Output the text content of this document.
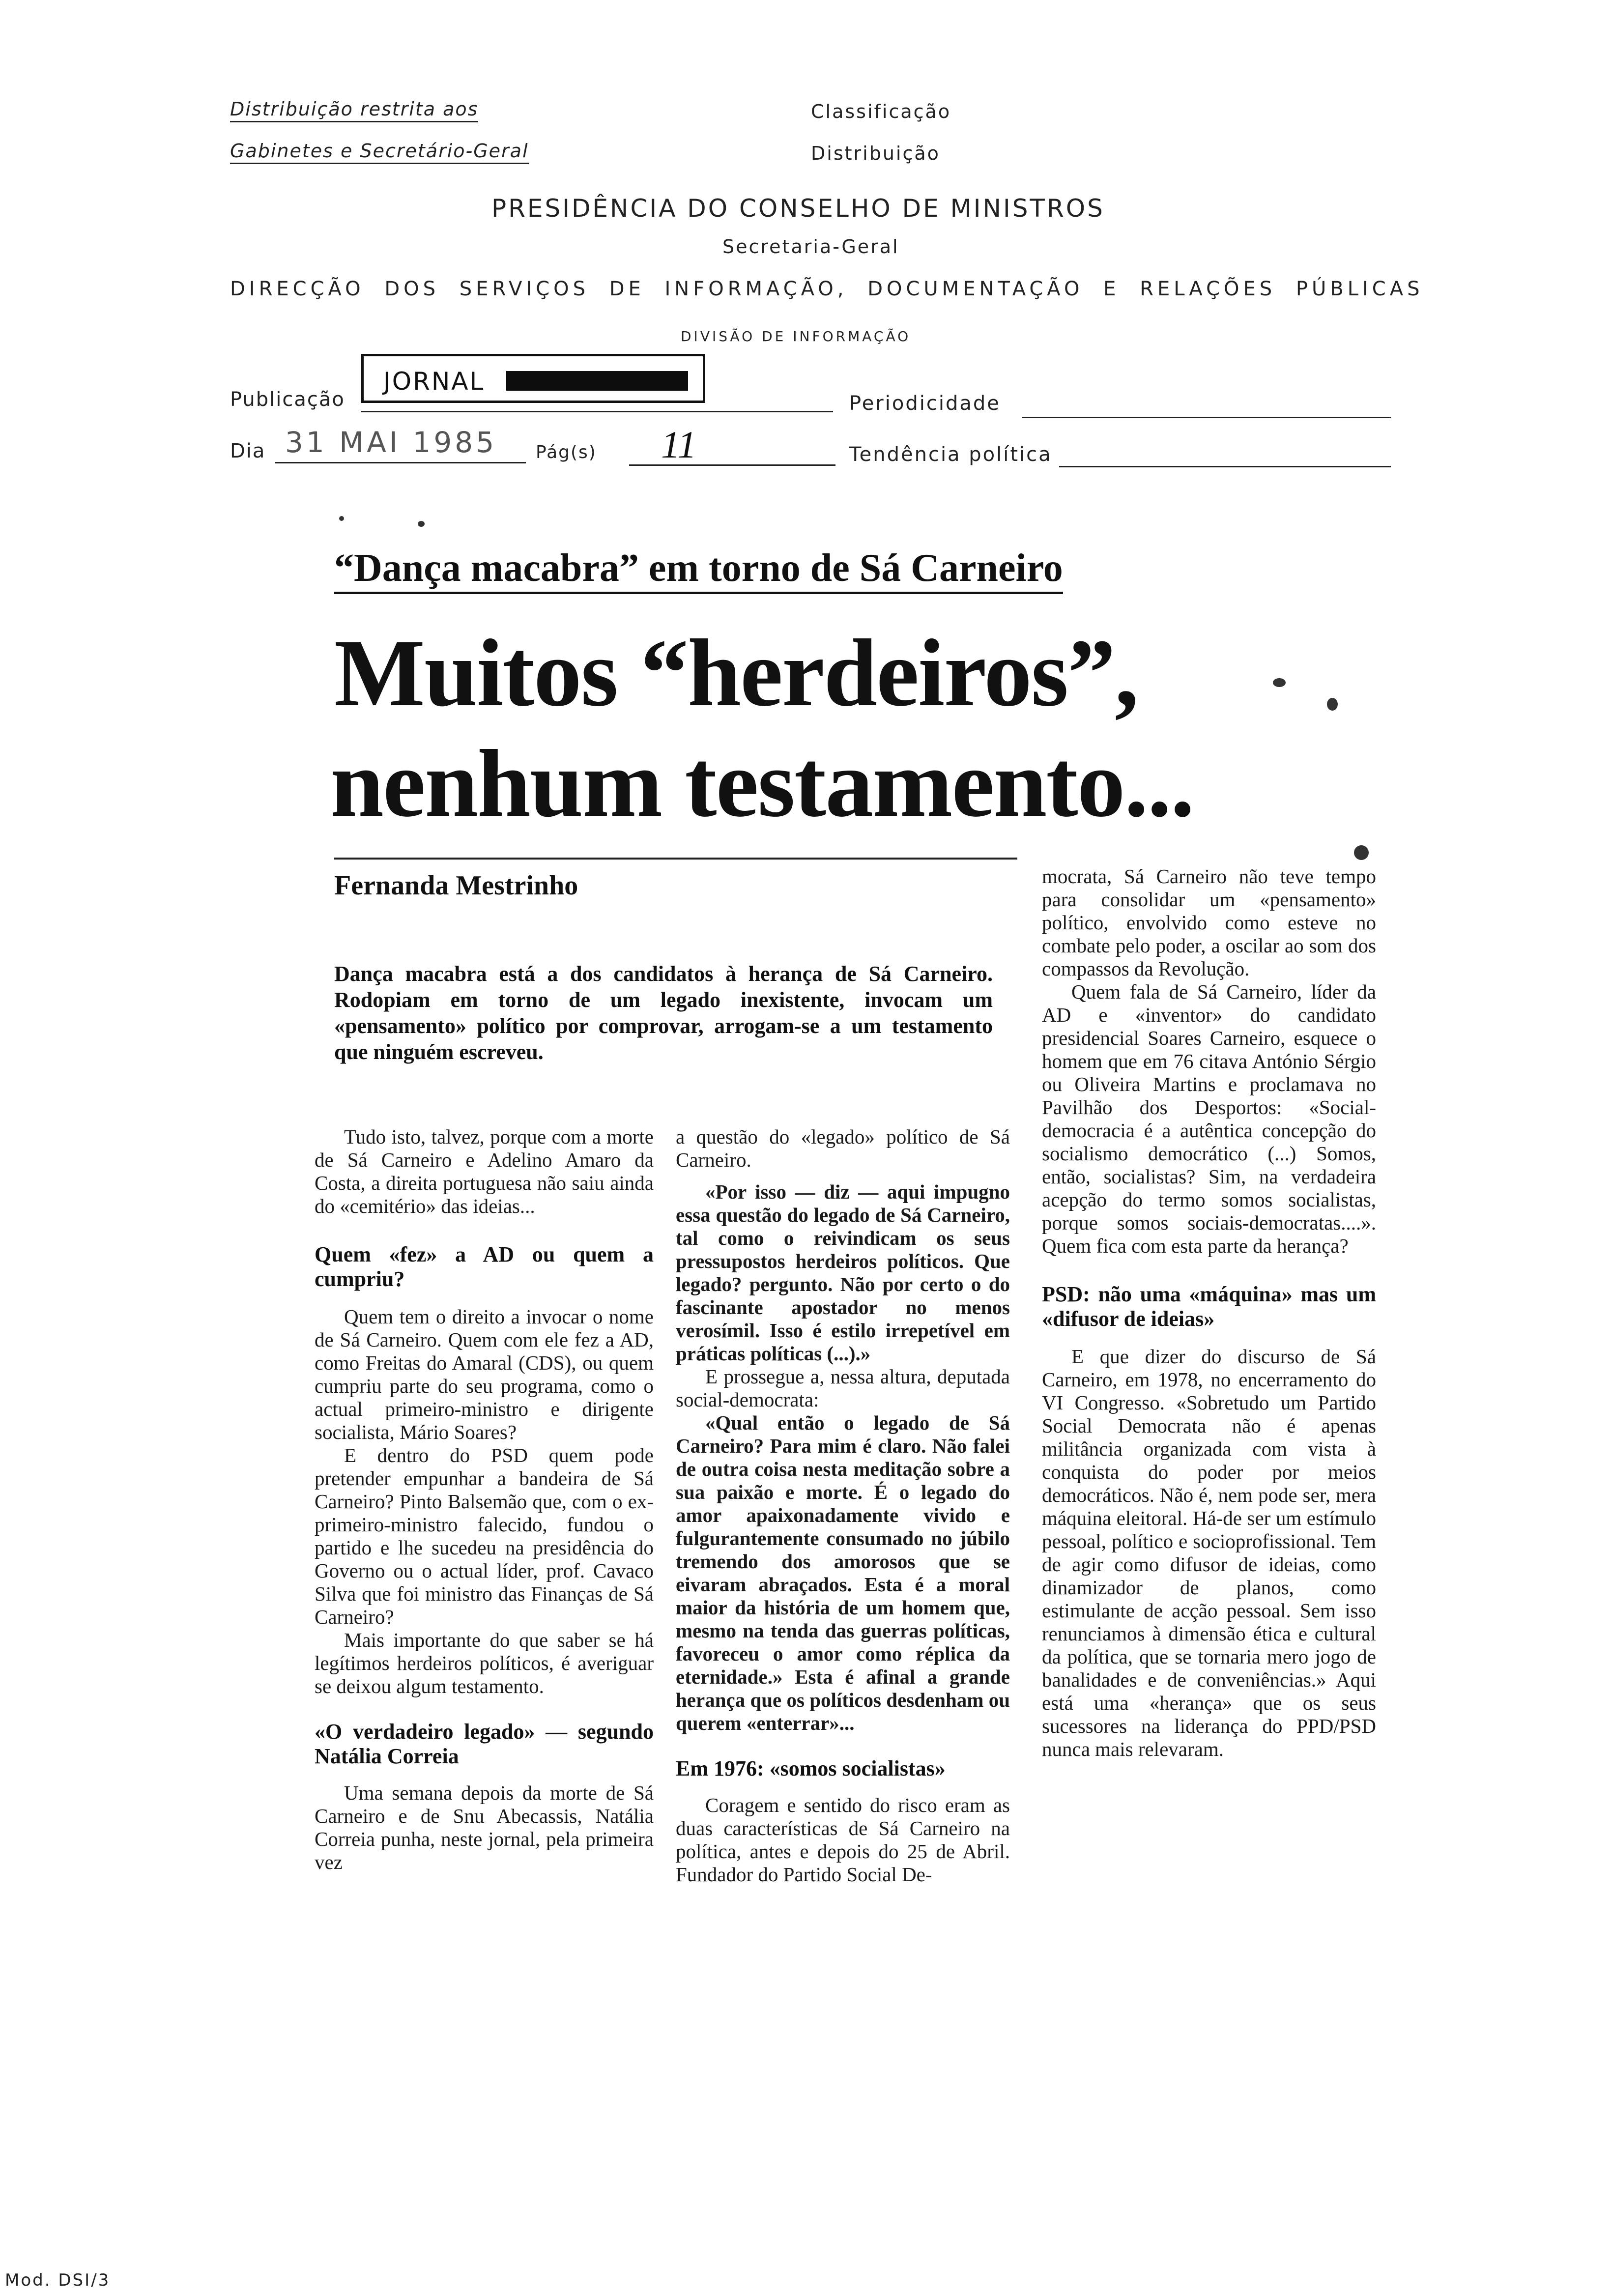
Distribuição restrita aos
Gabinetes e Secretário-Geral
Classificação
Distribuição
PRESIDÊNCIA DO CONSELHO DE MINISTROS
Secretaria-Geral
DIRECÇÃO DOS SERVIÇOS DE INFORMAÇÃO, DOCUMENTAÇÃO E RELAÇÕES PÚBLICAS
DIVISÃO DE INFORMAÇÃO
Publicação
JORNAL
Periodicidade
Dia 31 MAI 1985 Pág(s) 11	Tendência política
“Dança macabra” em torno de Sá Carneiro
Muitos “herdeiros”,
nenhum testamento...
Fernanda Mestrinho
Dança macabra está a dos candidatos à herança de Sá Carneiro. Rodopiam em torno de um legado inexistente, invocam um «pensamento» político por comprovar, arrogam-se a um testamento que ninguém escreveu.

Tudo isto, talvez, porque com a morte de Sá Carneiro e Adelino Amaro da Costa, a direita portuguesa não saiu ainda do «cemitério» das ideias...

Quem «fez» a AD ou quem a cumpriu?

Quem tem o direito a invocar o nome de Sá Carneiro. Quem com ele fez a AD, como Freitas do Amaral (CDS), ou quem cumpriu parte do seu programa, como o actual primeiro-ministro e dirigente socialista, Mário Soares?

E dentro do PSD quem pode pretender empunhar a bandeira de Sá Carneiro? Pinto Balsemão que, com o ex-primeiro-ministro falecido, fundou o partido e lhe sucedeu na presidência do Governo ou o actual líder, prof. Cavaco Silva que foi ministro das Finanças de Sá Carneiro?

Mais importante do que saber se há legítimos herdeiros políticos, é averiguar se deixou algum testamento.

«O verdadeiro legado» — segundo Natália Correia

Uma semana depois da morte de Sá Carneiro e de Snu Abecassis, Natália Correia punha, neste jornal, pela primeira vez

a questão do «legado» político de Sá Carneiro.

«Por isso — diz — aqui impugno essa questão do legado de Sá Carneiro, tal como o reivindicam os seus pressupostos herdeiros políticos. Que legado? pergunto. Não por certo o do fascinante apostador no menos verosímil. Isso é estilo irrepetível em práticas políticas (...).»

E prossegue a, nessa altura, deputada social-democrata:

«Qual então o legado de Sá Carneiro? Para mim é claro. Não falei de outra coisa nesta meditação sobre a sua paixão e morte. É o legado do amor apaixonadamente vivido e fulgurantemente consumado no júbilo tremendo dos amorosos que se eivaram abraçados. Esta é a moral maior da história de um homem que, mesmo na tenda das guerras políticas, favoreceu o amor como réplica da eternidade.» Esta é afinal a grande herança que os políticos desdenham ou querem «enterrar»...

Em 1976: «somos socialistas»

Coragem e sentido do risco eram as duas características de Sá Carneiro na política, antes e depois do 25 de Abril. Fundador do Partido Social De-

mocrata, Sá Carneiro não teve tempo para consolidar um «pensamento» político, envolvido como esteve no combate pelo poder, a oscilar ao som dos compassos da Revolução.

Quem fala de Sá Carneiro, líder da AD e «inventor» do candidato presidencial Soares Carneiro, esquece o homem que em 76 citava António Sérgio ou Oliveira Martins e proclamava no Pavilhão dos Desportos: «Social-democracia é a autêntica concepção do socialismo democrático (...) Somos, então, socialistas? Sim, na verdadeira acepção do termo somos socialistas, porque somos sociais-democratas....». Quem fica com esta parte da herança?

PSD: não uma «máquina» mas um «difusor de ideias»

E que dizer do discurso de Sá Carneiro, em 1978, no encerramento do VI Congresso. «Sobretudo um Partido Social Democrata não é apenas militância organizada com vista à conquista do poder por meios democráticos. Não é, nem pode ser, mera máquina eleitoral. Há-de ser um estímulo pessoal, político e socioprofissional. Tem de agir como difusor de ideias, como dinamizador de planos, como estimulante de acção pessoal. Sem isso renunciamos à dimensão ética e cultural da política, que se tornaria mero jogo de banalidades e de conveniências.» Aqui está uma «herança» que os seus sucessores na liderança do PPD/PSD nunca mais relevaram.

Mod. DSI/3
